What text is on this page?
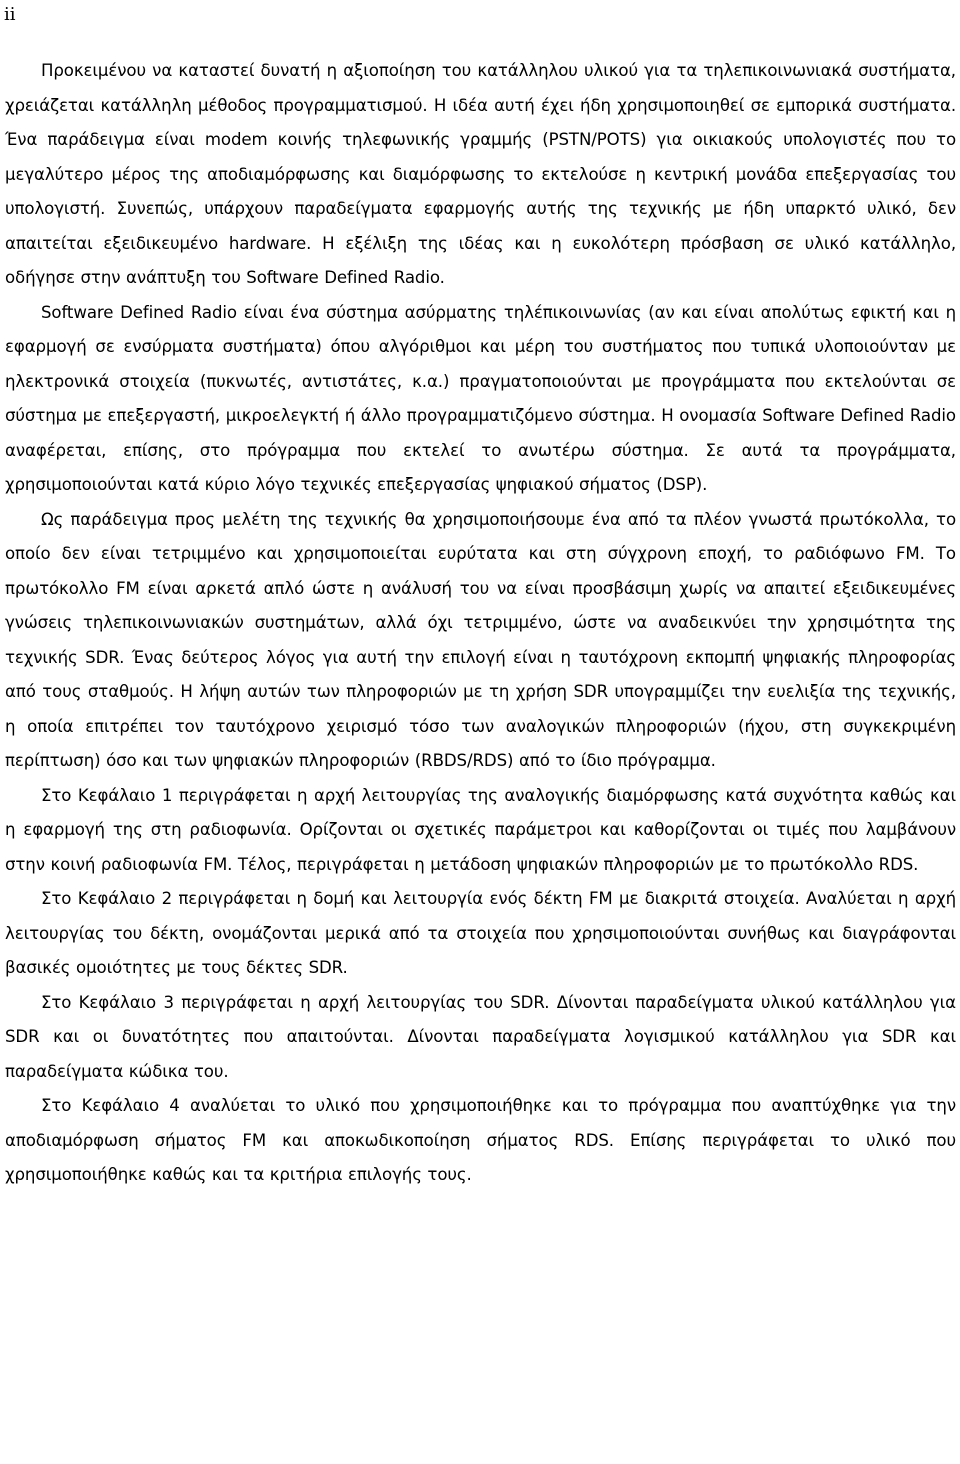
ii

Προκειμένου να καταστεί δυνατή η αξιοποίηση του κατάλληλου υλικού για τα τηλεπικοινωνιακά συστήματα, χρειάζεται κατάλληλη μέθοδος προγραμματισμού. Η ιδέα αυτή έχει ήδη χρησιμοποιηθεί σε εμπορικά συστήματα. Ένα παράδειγμα είναι modem κοινής τηλεφωνικής γραμμής (PSTN/POTS) για οικιακούς υπολογιστές που το μεγαλύτερο μέρος της αποδιαμόρφωσης και διαμόρφωσης το εκτελούσε η κεντρική μονάδα επεξεργασίας του υπολογιστή. Συνεπώς, υπάρχουν παραδείγματα εφαρμογής αυτής της τεχνικής με ήδη υπαρκτό υλικό, δεν απαιτείται εξειδικευμένο hardware. Η εξέλιξη της ιδέας και η ευκολότερη πρόσβαση σε υλικό κατάλληλο, οδήγησε στην ανάπτυξη του Software Defined Radio.

Software Defined Radio είναι ένα σύστημα ασύρματης τηλέπικοινωνίας (αν και είναι απολύτως εφικτή και η εφαρμογή σε ενσύρματα συστήματα) όπου αλγόριθμοι και μέρη του συστήματος που τυπικά υλοποιούνταν με ηλεκτρονικά στοιχεία (πυκνωτές, αντιστάτες, κ.α.) πραγματοποιούνται με προγράμματα που εκτελούνται σε σύστημα με επεξεργαστή, μικροελεγκτή ή άλλο προγραμματιζόμενο σύστημα. Η ονομασία Software Defined Radio αναφέρεται, επίσης, στο πρόγραμμα που εκτελεί το ανωτέρω σύστημα. Σε αυτά τα προγράμματα, χρησιμοποιούνται κατά κύριο λόγο τεχνικές επεξεργασίας ψηφιακού σήματος (DSP).

Ως παράδειγμα προς μελέτη της τεχνικής θα χρησιμοποιήσουμε ένα από τα πλέον γνωστά πρωτόκολλα, το οποίο δεν είναι τετριμμένο και χρησιμοποιείται ευρύτατα και στη σύγχρονη εποχή, το ραδιόφωνο FM. Το πρωτόκολλο FM είναι αρκετά απλό ώστε η ανάλυσή του να είναι προσβάσιμη χωρίς να απαιτεί εξειδικευμένες γνώσεις τηλεπικοινωνιακών συστημάτων, αλλά όχι τετριμμένο, ώστε να αναδεικνύει την χρησιμότητα της τεχνικής SDR. Ένας δεύτερος λόγος για αυτή την επιλογή είναι η ταυτόχρονη εκπομπή ψηφιακής πληροφορίας από τους σταθμούς. Η λήψη αυτών των πληροφοριών με τη χρήση SDR υπογραμμίζει την ευελιξία της τεχνικής, η οποία επιτρέπει τον ταυτόχρονο χειρισμό τόσο των αναλογικών πληροφοριών (ήχου, στη συγκεκριμένη περίπτωση) όσο και των ψηφιακών πληροφοριών (RBDS/RDS) από το ίδιο πρόγραμμα.

Στο Κεφάλαιο 1 περιγράφεται η αρχή λειτουργίας της αναλογικής διαμόρφωσης κατά συχνότητα καθώς και η εφαρμογή της στη ραδιοφωνία. Ορίζονται οι σχετικές παράμετροι και καθορίζονται οι τιμές που λαμβάνουν στην κοινή ραδιοφωνία FM. Τέλος, περιγράφεται η μετάδοση ψηφιακών πληροφοριών με το πρωτόκολλο RDS.

Στο Κεφάλαιο 2 περιγράφεται η δομή και λειτουργία ενός δέκτη FM με διακριτά στοιχεία. Αναλύεται η αρχή λειτουργίας του δέκτη, ονομάζονται μερικά από τα στοιχεία που χρησιμοποιούνται συνήθως και διαγράφονται βασικές ομοιότητες με τους δέκτες SDR.

Στο Κεφάλαιο 3 περιγράφεται η αρχή λειτουργίας του SDR. Δίνονται παραδείγματα υλικού κατάλληλου για SDR και οι δυνατότητες που απαιτούνται. Δίνονται παραδείγματα λογισμικού κατάλληλου για SDR και παραδείγματα κώδικα του.

Στο Κεφάλαιο 4 αναλύεται το υλικό που χρησιμοποιήθηκε και το πρόγραμμα που αναπτύχθηκε για την αποδιαμόρφωση σήματος FM και αποκωδικοποίηση σήματος RDS. Επίσης περιγράφεται το υλικό που χρησιμοποιήθηκε καθώς και τα κριτήρια επιλογής τους.
